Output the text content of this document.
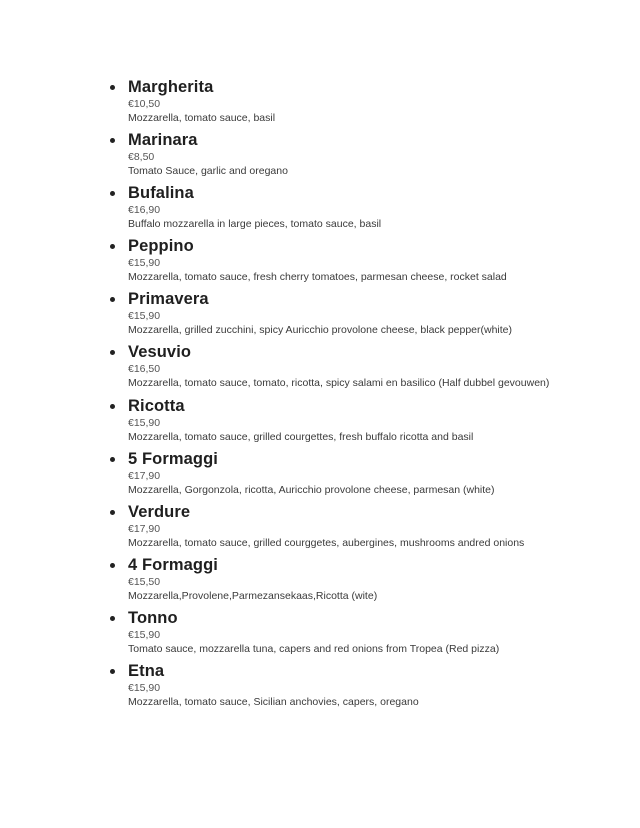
Margherita
€10,50
Mozzarella, tomato sauce, basil
Marinara
€8,50
Tomato Sauce, garlic and oregano
Bufalina
€16,90
Buffalo mozzarella in large pieces, tomato sauce, basil
Peppino
€15,90
Mozzarella, tomato sauce, fresh cherry tomatoes, parmesan cheese, rocket salad
Primavera
€15,90
Mozzarella, grilled zucchini, spicy Auricchio provolone cheese, black pepper(white)
Vesuvio
€16,50
Mozzarella, tomato sauce, tomato, ricotta, spicy salami en basilico (Half dubbel gevouwen)
Ricotta
€15,90
Mozzarella, tomato sauce, grilled courgettes, fresh buffalo ricotta and basil
5 Formaggi
€17,90
Mozzarella, Gorgonzola, ricotta, Auricchio provolone cheese, parmesan (white)
Verdure
€17,90
Mozzarella, tomato sauce, grilled courggetes, aubergines, mushrooms andred onions
4 Formaggi
€15,50
Mozzarella,Provolene,Parmezansekaas,Ricotta (wite)
Tonno
€15,90
Tomato sauce, mozzarella tuna, capers and red onions from Tropea (Red pizza)
Etna
€15,90
Mozzarella, tomato sauce, Sicilian anchovies, capers, oregano
